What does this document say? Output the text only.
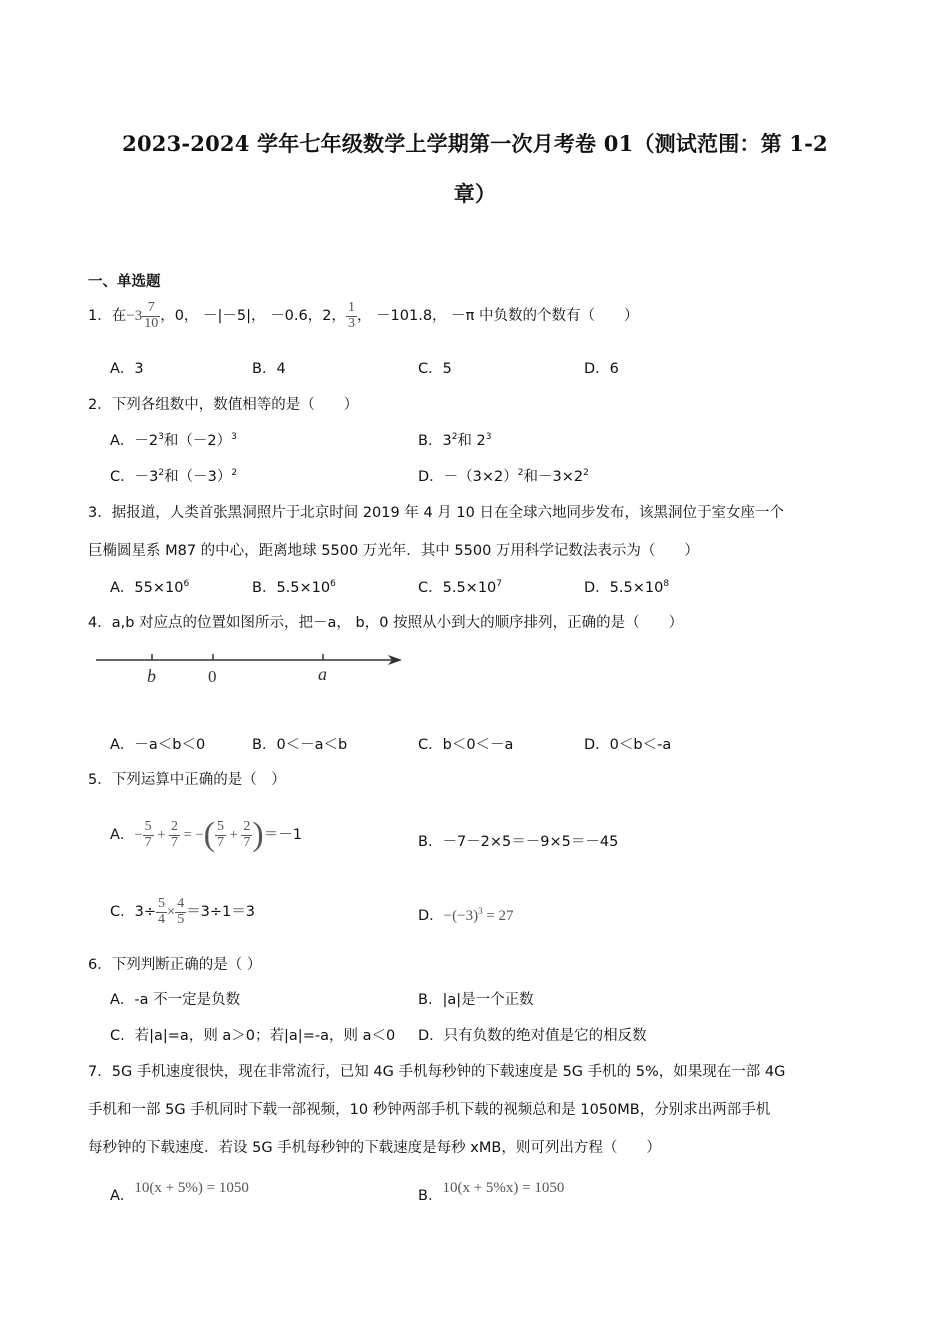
2023-2024 学年七年级数学上学期第一次月考卷 01（测试范围：第 1-2
章）
一、单选题
1．在$-3 \frac{7}{10}$ ，0， －|－5|， －0.6，2， $\frac{1}{3}$ ， －101.8， －π 中负数的个数有（　　）
A．3	B．4	C．5	D．6
2．下列各组数中，数值相等的是（　　）
A．$-2^3$和$(-2)^3$	B．$3^2$和 $2^3$
C．$-3^2$和$(-3)^2$	D．$-(3\times 2)^2$和$-3\times 2^2$
3．据报道，人类首张黑洞照片于北京时间 2019 年 4 月 10 日在全球六地同步发布，该黑洞位于室女座一个
巨椭圆星系 M87 的中心，距离地球 5500 万光年．其中 5500 万用科学记数法表示为（　　）
A．$55\times 10^6$	B．$5.5\times 10^6$	C．$5.5\times 10^7$	D．$5.5\times 10^8$
4．a,b 对应点的位置如图所示，把－a， b，0 按照从小到大的顺序排列，正确的是（　　）
b	0	a
A．－a＜b＜0	B．0＜－a＜b	C．b＜0＜－a	D．0＜b＜-a
5．下列运算中正确的是（　）
A．− $\frac{5}{7} + \frac{2}{7}$ = −( $\frac{5}{7} + \frac{2}{7} )=-1$	B．－7－2×5＝－9×5＝－45
C．$3\div \frac{5}{4} \times \frac{4}{5} =3\div 1=3$	D．$-(-3)^3 = 27$
6．下列判断正确的是（ ）
A．-a 不一定是负数	B．|a|是一个正数
C．若|a|=a，则 a＞0；若|a|=-a，则 a＜0 D．只有负数的绝对值是它的相反数
7．5G 手机速度很快，现在非常流行，已知 4G 手机每秒钟的下载速度是 5G 手机的 5%，如果现在一部 4G
手机和一部 5G 手机同时下载一部视频，10 秒钟两部手机下载的视频总和是 1050MB，分别求出两部手机
每秒钟的下载速度．若设 5G 手机每秒钟的下载速度是每秒 xMB，则可列出方程（　　）
A．10(x + 5%) = 1050	B．10(x + 5%x) = 1050
